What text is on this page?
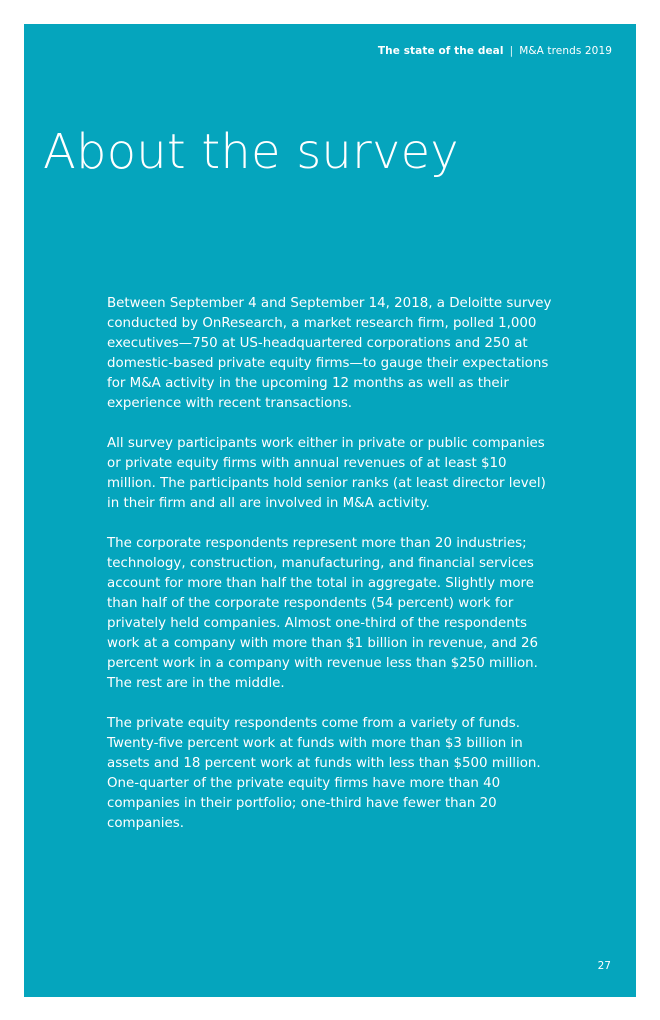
The state of the deal | M&A trends 2019
About the survey

Between September 4 and September 14, 2018, a Deloitte survey conducted by OnResearch, a market research firm, polled 1,000 executives—750 at US-headquartered corporations and 250 at domestic-based private equity firms—to gauge their expectations for M&A activity in the upcoming 12 months as well as their experience with recent transactions.

All survey participants work either in private or public companies or private equity firms with annual revenues of at least $10 million. The participants hold senior ranks (at least director level) in their firm and all are involved in M&A activity.

The corporate respondents represent more than 20 industries; technology, construction, manufacturing, and financial services account for more than half the total in aggregate. Slightly more than half of the corporate respondents (54 percent) work for privately held companies. Almost one-third of the respondents work at a company with more than $1 billion in revenue, and 26 percent work in a company with revenue less than $250 million. The rest are in the middle.

The private equity respondents come from a variety of funds. Twenty-five percent work at funds with more than $3 billion in assets and 18 percent work at funds with less than $500 million. One-quarter of the private equity firms have more than 40 companies in their portfolio; one-third have fewer than 20 companies.

27
